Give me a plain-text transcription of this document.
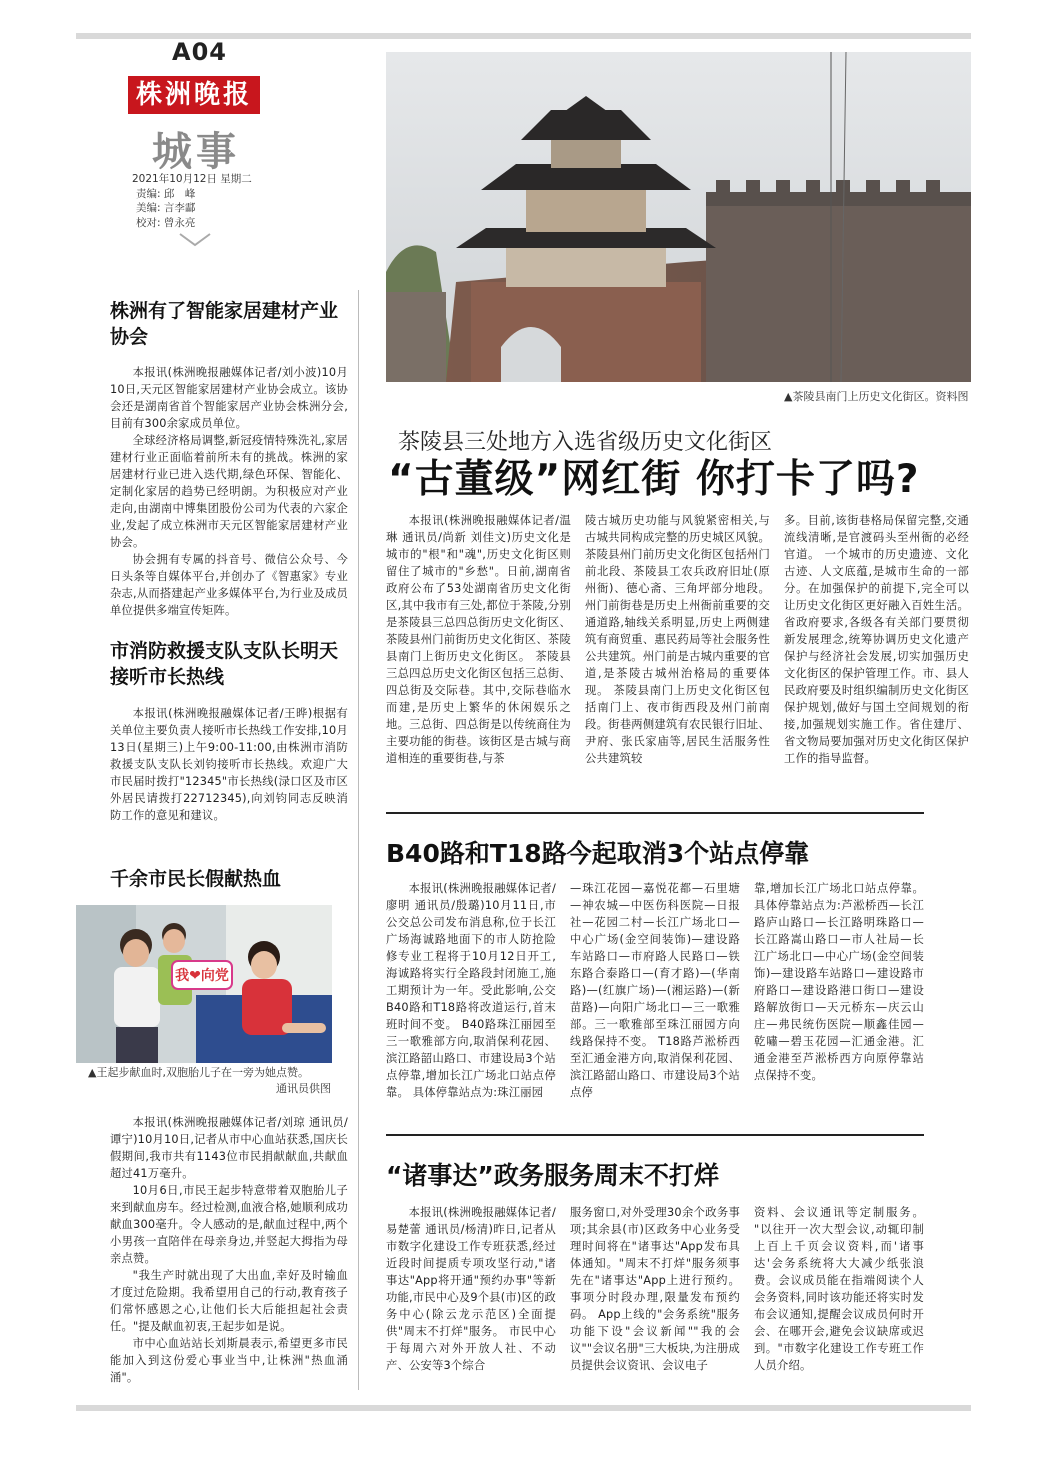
A04
株洲晚报
城事
2021年10月12日 星期二
责编: 邱　峰
美编: 言李酃
校对: 曾永亮
株洲有了智能家居建材产业协会

本报讯(株洲晚报融媒体记者/刘小波)10月10日,天元区智能家居建材产业协会成立。该协会还是湖南省首个智能家居产业协会株洲分会,目前有300余家成员单位。

全球经济格局调整,新冠疫情特殊洗礼,家居建材行业正面临着前所未有的挑战。株洲的家居建材行业已进入迭代期,绿色环保、智能化、定制化家居的趋势已经明朗。为积极应对产业走向,由湖南中博集团股份公司为代表的六家企业,发起了成立株洲市天元区智能家居建材产业协会。

协会拥有专属的抖音号、微信公众号、今日头条等自媒体平台,并创办了《智惠家》专业杂志,从而搭建起产业多媒体平台,为行业及成员单位提供多端宣传矩阵。

市消防救援支队支队长明天接听市长热线

本报讯(株洲晚报融媒体记者/王晔)根据有关单位主要负责人接听市长热线工作安排,10月13日(星期三)上午9:00-11:00,由株洲市消防救援支队支队长刘钧接听市长热线。欢迎广大市民届时拨打"12345"市长热线(渌口区及市区外居民请拨打22712345),向刘钧同志反映消防工作的意见和建议。

千余市民长假献热血
我❤向党
▲王起步献血时,双胞胎儿子在一旁为她点赞。
通讯员供图

本报讯(株洲晚报融媒体记者/刘琼 通讯员/谭宁)10月10日,记者从市中心血站获悉,国庆长假期间,我市共有1143位市民捐献献血,共献血超过41万毫升。

10月6日,市民王起步特意带着双胞胎儿子来到献血房车。经过检测,血液合格,她顺利成功献血300毫升。令人感动的是,献血过程中,两个小男孩一直陪伴在母亲身边,并竖起大拇指为母亲点赞。

"我生产时就出现了大出血,幸好及时输血才度过危险期。我希望用自己的行动,教育孩子们常怀感恩之心,让他们长大后能担起社会责任。"提及献血初衷,王起步如是说。

市中心血站站长刘斯晨表示,希望更多市民能加入到这份爱心事业当中,让株洲"热血涌涌"。

▲茶陵县南门上历史文化街区。资料图
茶陵县三处地方入选省级历史文化街区
“古董级”网红街 你打卡了吗?

本报讯(株洲晚报融媒体记者/温琳 通讯员/尚新 刘佳文)历史文化是城市的"根"和"魂",历史文化街区则留住了城市的"乡愁"。日前,湖南省政府公布了53处湖南省历史文化街区,其中我市有三处,都位于茶陵,分别是茶陵县三总四总街历史文化街区、茶陵县州门前街历史文化街区、茶陵县南门上街历史文化街区。 茶陵县三总四总历史文化街区包括三总街、四总街及交际巷。其中,交际巷临水而建,是历史上繁华的休闲娱乐之地。三总街、四总街是以传统商住为主要功能的街巷。该街区是古城与商道相连的重要街巷,与茶

陵古城历史功能与风貌紧密相关,与古城共同构成完整的历史城区风貌。 茶陵县州门前历史文化街区包括州门前北段、茶陵县工农兵政府旧址(原州衙)、德心斋、三角坪部分地段。州门前街巷是历史上州衙前重要的交通道路,轴线关系明显,历史上两侧建筑有商贸重、惠民药局等社会服务性公共建筑。州门前是古城内重要的官道,是茶陵古城州治格局的重要体现。 茶陵县南门上历史文化街区包括南门上、夜市街西段及州门前南段。街巷两侧建筑有农民银行旧址、尹府、张氏家庙等,居民生活服务性公共建筑较

多。目前,该街巷格局保留完整,交通流线清晰,是官渡码头至州衙的必经官道。 一个城市的历史遗迹、文化古迹、人文底蕴,是城市生命的一部分。在加强保护的前提下,完全可以让历史文化街区更好融入百姓生活。省政府要求,各级各有关部门要贯彻新发展理念,统筹协调历史文化遗产保护与经济社会发展,切实加强历史文化街区的保护管理工作。市、县人民政府要及时组织编制历史文化街区保护规划,做好与国土空间规划的衔接,加强规划实施工作。省住建厅、省文物局要加强对历史文化街区保护工作的指导监督。

B40路和T18路今起取消3个站点停靠

本报讯(株洲晚报融媒体记者/廖明 通讯员/殷璐)10月11日,市公交总公司发布消息称,位于长江广场海诚路地面下的市人防抢险修专业工程将于10月12日开工,海诚路将实行全路段封闭施工,施工期预计为一年。受此影响,公交B40路和T18路将改道运行,首末班时间不变。 B40路珠江丽园至三一歌雅部方向,取消保利花园、滨江路韶山路口、市建设局3个站点停靠,增加长江广场北口站点停靠。 具体停靠站点为:珠江丽园

—珠江花园—嘉悦花都—石里塘—神农城—中医伤科医院—日报社—花园二村—长江广场北口—中心广场(金空间装饰)—建设路车站路口—市府路人民路口—铁东路合泰路口—(育才路)—(华南路)—(红旗广场)—(湘运路)—(新苗路)—向阳广场北口—三一歌雅部。三一歌雅部至珠江丽园方向线路保持不变。 T18路芦淞桥西至汇通金港方向,取消保利花园、滨江路韶山路口、市建设局3个站点停

靠,增加长江广场北口站点停靠。 具体停靠站点为:芦淞桥西—长江路庐山路口—长江路明珠路口—长江路嵩山路口—市人社局—长江广场北口—中心广场(金空间装饰)—建设路车站路口—建设路市府路口—建设路港口街口—建设路解放街口—天元桥东—庆云山庄—弗民统伤医院—顺鑫佳园—乾嘯—碧玉花园—汇通金港。汇通金港至芦淞桥西方向原停靠站点保持不变。

“诸事达”政务服务周末不打烊

本报讯(株洲晚报融媒体记者/易楚蕾 通讯员/杨清)昨日,记者从市数字化建设工作专班获悉,经过近段时间提质专项攻坚行动,"诸事达"App将开通"预约办事"等新功能,市民中心及9个县(市)区的政务中心(除云龙示范区)全面提供"周末不打烊"服务。 市民中心于每周六对外开放人社、不动产、公安等3个综合

服务窗口,对外受理30余个政务事项;其余县(市)区政务中心业务受理时间将在"诸事达"App发布具体通知。"周末不打烊"服务须事先在"诸事达"App上进行预约。事项分时段办理,限量发布预约码。 App上线的"会务系统"服务功能下设"会议新闻""我的会议""会议名册"三大板块,为注册成员提供会议资讯、会议电子

资料、会议通讯等定制服务。 "以往开一次大型会议,动辄印制上百上千页会议资料,而'诸事达'会务系统将大大减少纸张浪费。会议成员能在指端阅读个人会务资料,同时该功能还将实时发布会议通知,提醒会议成员何时开会、在哪开会,避免会议缺席或迟到。"市数字化建设工作专班工作人员介绍。
